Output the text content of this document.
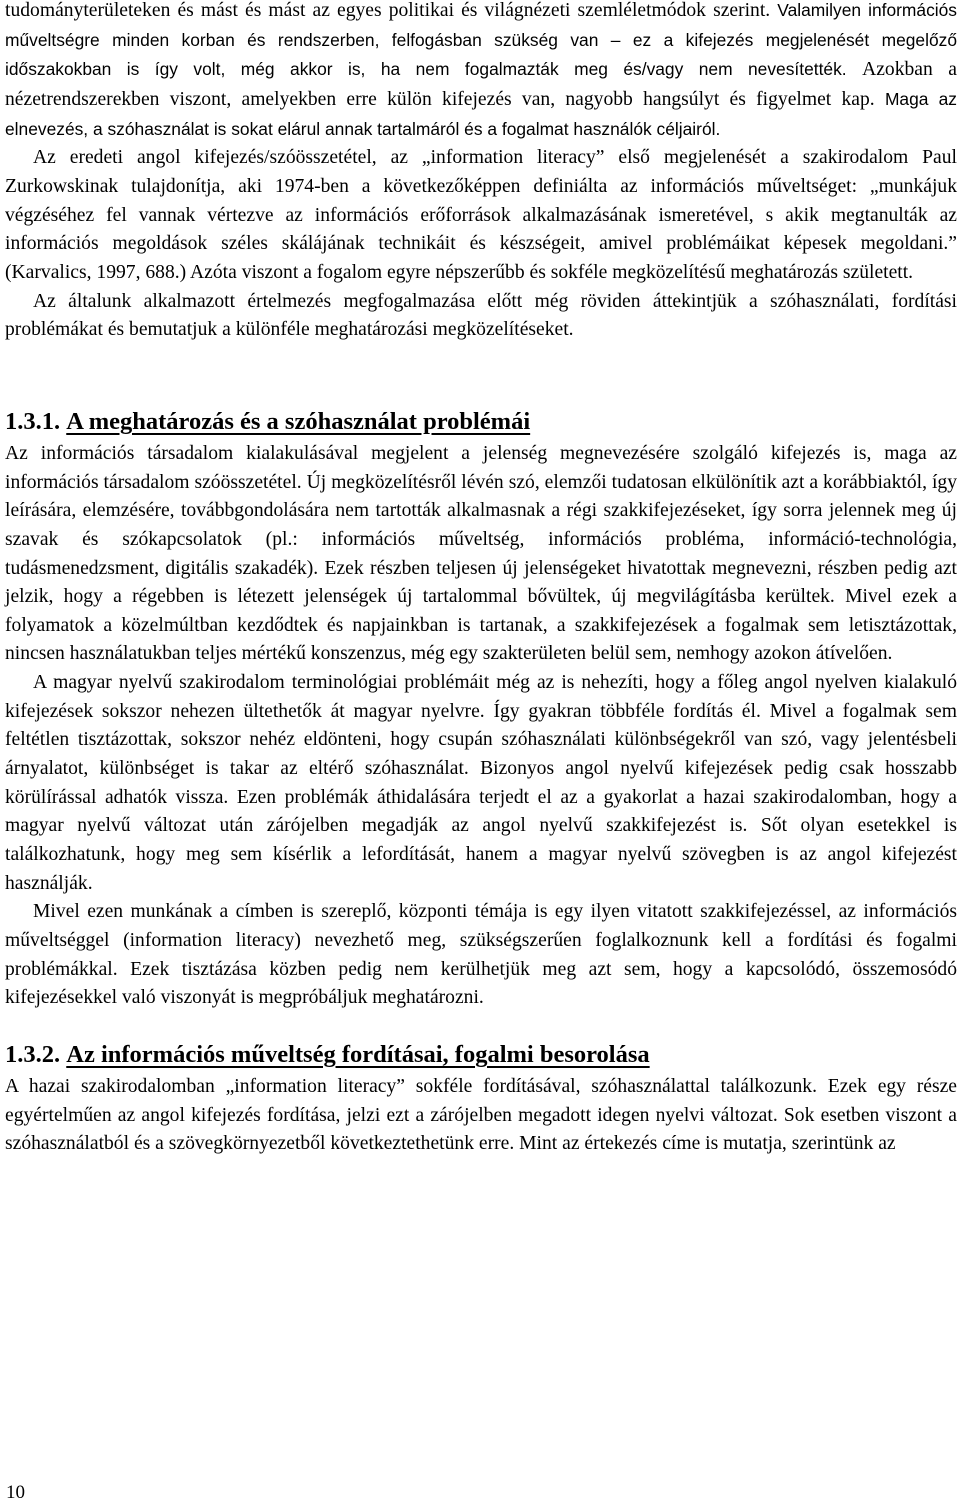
tudományterületeken és mást és mást az egyes politikai és világnézeti szemléletmódok szerint. Valamilyen információs műveltségre minden korban és rendszerben, felfogásban szükség van – ez a kifejezés megjelenését megelőző időszakokban is így volt, még akkor is, ha nem fogalmazták meg és/vagy nem nevesítették. Azokban a nézetrendszerekben viszont, amelyekben erre külön kifejezés van, nagyobb hangsúlyt és figyelmet kap. Maga az elnevezés, a szóhasználat is sokat elárul annak tartalmáról és a fogalmat használók céljairól.

Az eredeti angol kifejezés/szóösszetétel, az „information literacy” első megjelenését a szakirodalom Paul Zurkowskinak tulajdonítja, aki 1974-ben a következőképpen definiálta az információs műveltséget: „munkájuk végzéséhez fel vannak vértezve az információs erőforrások alkalmazásának ismeretével, s akik megtanulták az információs megoldások széles skálájának technikáit és készségeit, amivel problémáikat képesek megoldani.” (Karvalics, 1997, 688.) Azóta viszont a fogalom egyre népszerűbb és sokféle megközelítésű meghatározás született.

Az általunk alkalmazott értelmezés megfogalmazása előtt még röviden áttekintjük a szóhasználati, fordítási problémákat és bemutatjuk a különféle meghatározási megközelítéseket.

1.3.1. A meghatározás és a szóhasználat problémái

Az információs társadalom kialakulásával megjelent a jelenség megnevezésére szolgáló kifejezés is, maga az információs társadalom szóösszetétel. Új megközelítésről lévén szó, elemzői tudatosan elkülönítik azt a korábbiaktól, így leírására, elemzésére, továbbgondolására nem tartották alkalmasnak a régi szakkifejezéseket, így sorra jelennek meg új szavak és szókapcsolatok (pl.: információs műveltség, információs probléma, információ-technológia, tudásmenedzsment, digitális szakadék). Ezek részben teljesen új jelenségeket hivatottak megnevezni, részben pedig azt jelzik, hogy a régebben is létezett jelenségek új tartalommal bővültek, új megvilágításba kerültek. Mivel ezek a folyamatok a közelmúltban kezdődtek és napjainkban is tartanak, a szakkifejezések a fogalmak sem letisztázottak, nincsen használatukban teljes mértékű konszenzus, még egy szakterületen belül sem, nemhogy azokon átívelően.

A magyar nyelvű szakirodalom terminológiai problémáit még az is nehezíti, hogy a főleg angol nyelven kialakuló kifejezések sokszor nehezen ültethetők át magyar nyelvre. Így gyakran többféle fordítás él. Mivel a fogalmak sem feltétlen tisztázottak, sokszor nehéz eldönteni, hogy csupán szóhasználati különbségekről van szó, vagy jelentésbeli árnyalatot, különbséget is takar az eltérő szóhasználat. Bizonyos angol nyelvű kifejezések pedig csak hosszabb körülírással adhatók vissza. Ezen problémák áthidalására terjedt el az a gyakorlat a hazai szakirodalomban, hogy a magyar nyelvű változat után zárójelben megadják az angol nyelvű szakkifejezést is. Sőt olyan esetekkel is találkozhatunk, hogy meg sem kísérlik a lefordítását, hanem a magyar nyelvű szövegben is az angol kifejezést használják.

Mivel ezen munkának a címben is szereplő, központi témája is egy ilyen vitatott szakkifejezéssel, az információs műveltséggel (information literacy) nevezhető meg, szükségszerűen foglalkoznunk kell a fordítási és fogalmi problémákkal. Ezek tisztázása közben pedig nem kerülhetjük meg azt sem, hogy a kapcsolódó, összemosódó kifejezésekkel való viszonyát is megpróbáljuk meghatározni.

1.3.2. Az információs műveltség fordításai, fogalmi besorolása

A hazai szakirodalomban „information literacy” sokféle fordításával, szóhasználattal találkozunk. Ezek egy része egyértelműen az angol kifejezés fordítása, jelzi ezt a zárójelben megadott idegen nyelvi változat. Sok esetben viszont a szóhasználatból és a szövegkörnyezetből következtethetünk erre. Mint az értekezés címe is mutatja, szerintünk az

10
